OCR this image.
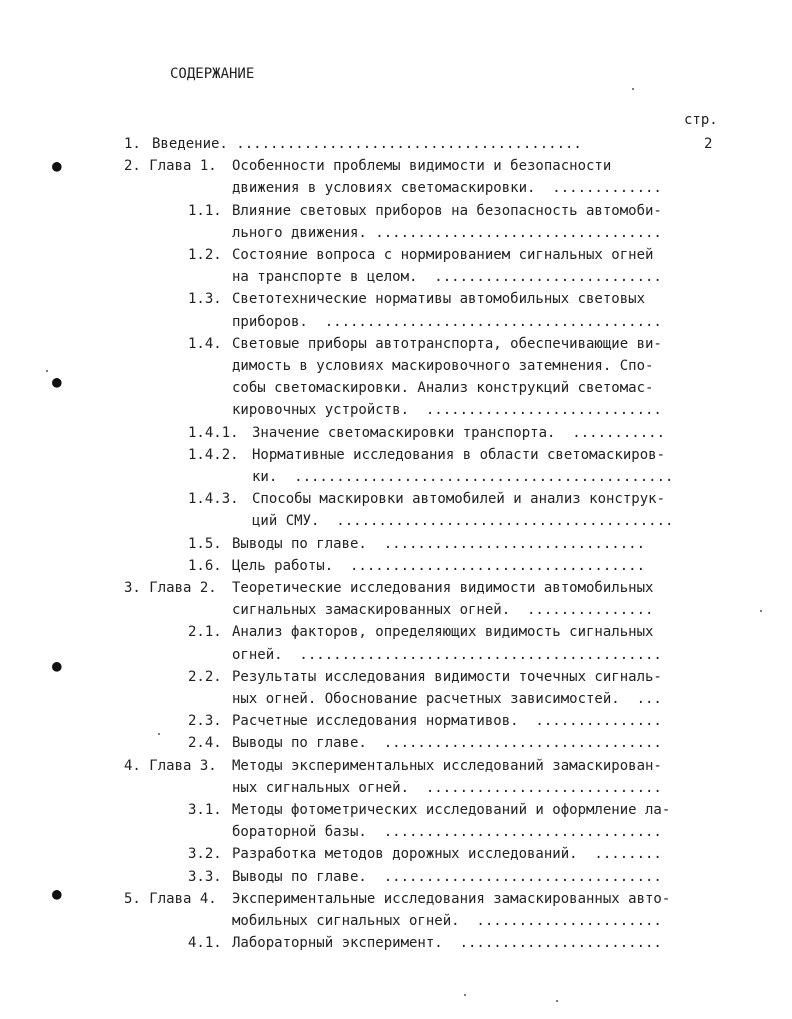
СОДЕРЖАНИЕ
стр.
1. Введение. .........................................	2
2. Глава 1. Особенности проблемы видимости и безопасности
движения в условиях светомаскировки.  .............
1.1. Влияние световых приборов на безопасность автомоби-
льного движения. ..................................
1.2. Состояние вопроса с нормированием сигнальных огней
на транспорте в целом.  ...........................
1.3. Светотехнические нормативы автомобильных световых
приборов.  ........................................
1.4. Световые приборы автотранспорта, обеспечивающие ви-
димость в условиях маскировочного затемнения. Спо-
собы светомаскировки. Анализ конструкций светомас-
кировочных устройств.  ............................
1.4.1. Значение светомаскировки транспорта.  ...........
1.4.2. Нормативные исследования в области светомаскиров-
ки.  .............................................
1.4.3. Способы маскировки автомобилей и анализ конструк-
ций СМУ.  ........................................
1.5. Выводы по главе.  ...............................
1.6. Цель работы.  ...................................
3. Глава 2. Теоретические исследования видимости автомобильных
сигнальных замаскированных огней.  ...............
2.1. Анализ факторов, определяющих видимость сигнальных
огней.  ...........................................
2.2. Результаты исследования видимости точечных сигналь-
ных огней. Обоснование расчетных зависимостей.  ...
2.3. Расчетные исследования нормативов.  ...............
2.4. Выводы по главе.  .................................
4. Глава 3. Методы экспериментальных исследований замаскирован-
ных сигнальных огней.  ............................
3.1. Методы фотометрических исследований и оформление ла-
бораторной базы.  .................................
3.2. Разработка методов дорожных исследований.  ........
3.3. Выводы по главе.  .................................
5. Глава 4. Экспериментальные исследования замаскированных авто-
мобильных сигнальных огней.  ......................
4.1. Лабораторный эксперимент.  ........................
●
●
●
●
